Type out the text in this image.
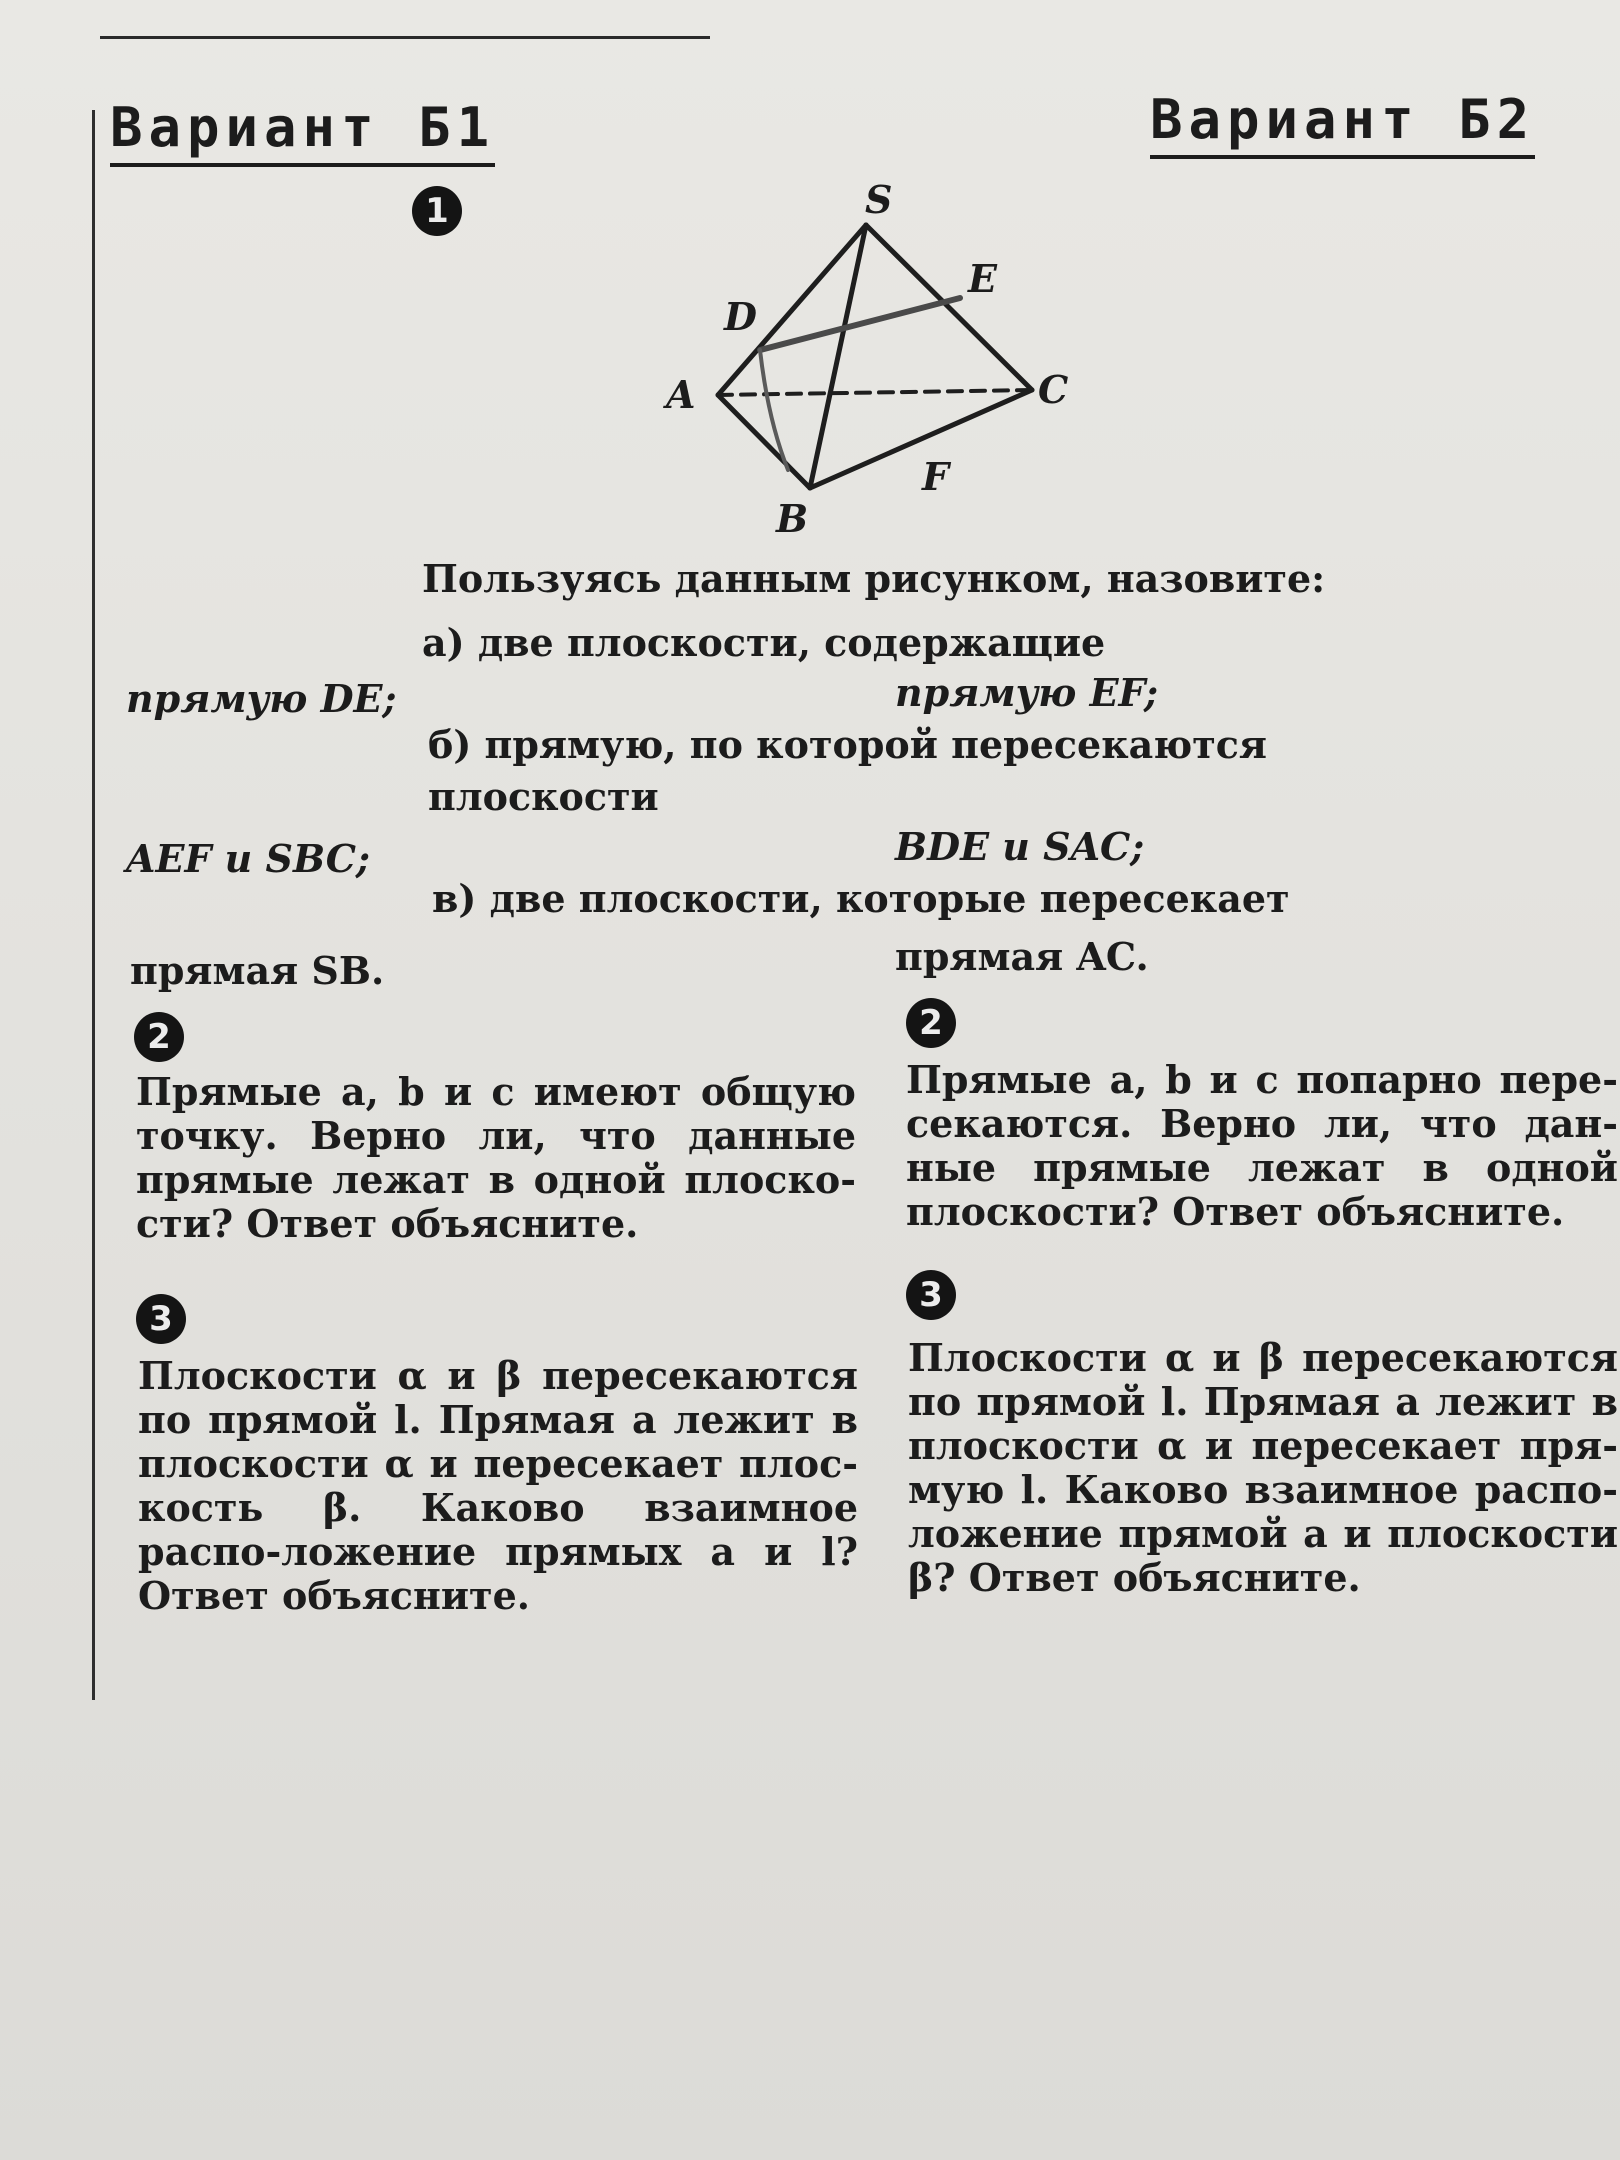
Вариант Б1	Вариант Б2
1	S
E
D
A	C
F
B
Пользуясь данным рисунком, назовите:
а) две плоскости, содержащие
прямую DE;	прямую EF;
б) прямую, по которой пересекаются
плоскости
AEF и SBC;	BDE и SAC;
в) две плоскости, которые пересекает
прямая SB.	прямая AC.
2	2
Прямые a, b и c имеют общую точку. Верно ли, что данные прямые лежат в одной плоско-сти? Ответ объясните.
Прямые a, b и c попарно пере-секаются. Верно ли, что дан-ные прямые лежат в одной плоскости? Ответ объясните.
3
3
Плоскости α и β пересекаются по прямой l. Прямая a лежит в плоскости α и пересекает плос-кость β. Каково взаимное распо-ложение прямых a и l? Ответ объясните.
Плоскости α и β пересекаются по прямой l. Прямая a лежит в плоскости α и пересекает пря-мую l. Каково взаимное распо-ложение прямой a и плоскости β? Ответ объясните.
